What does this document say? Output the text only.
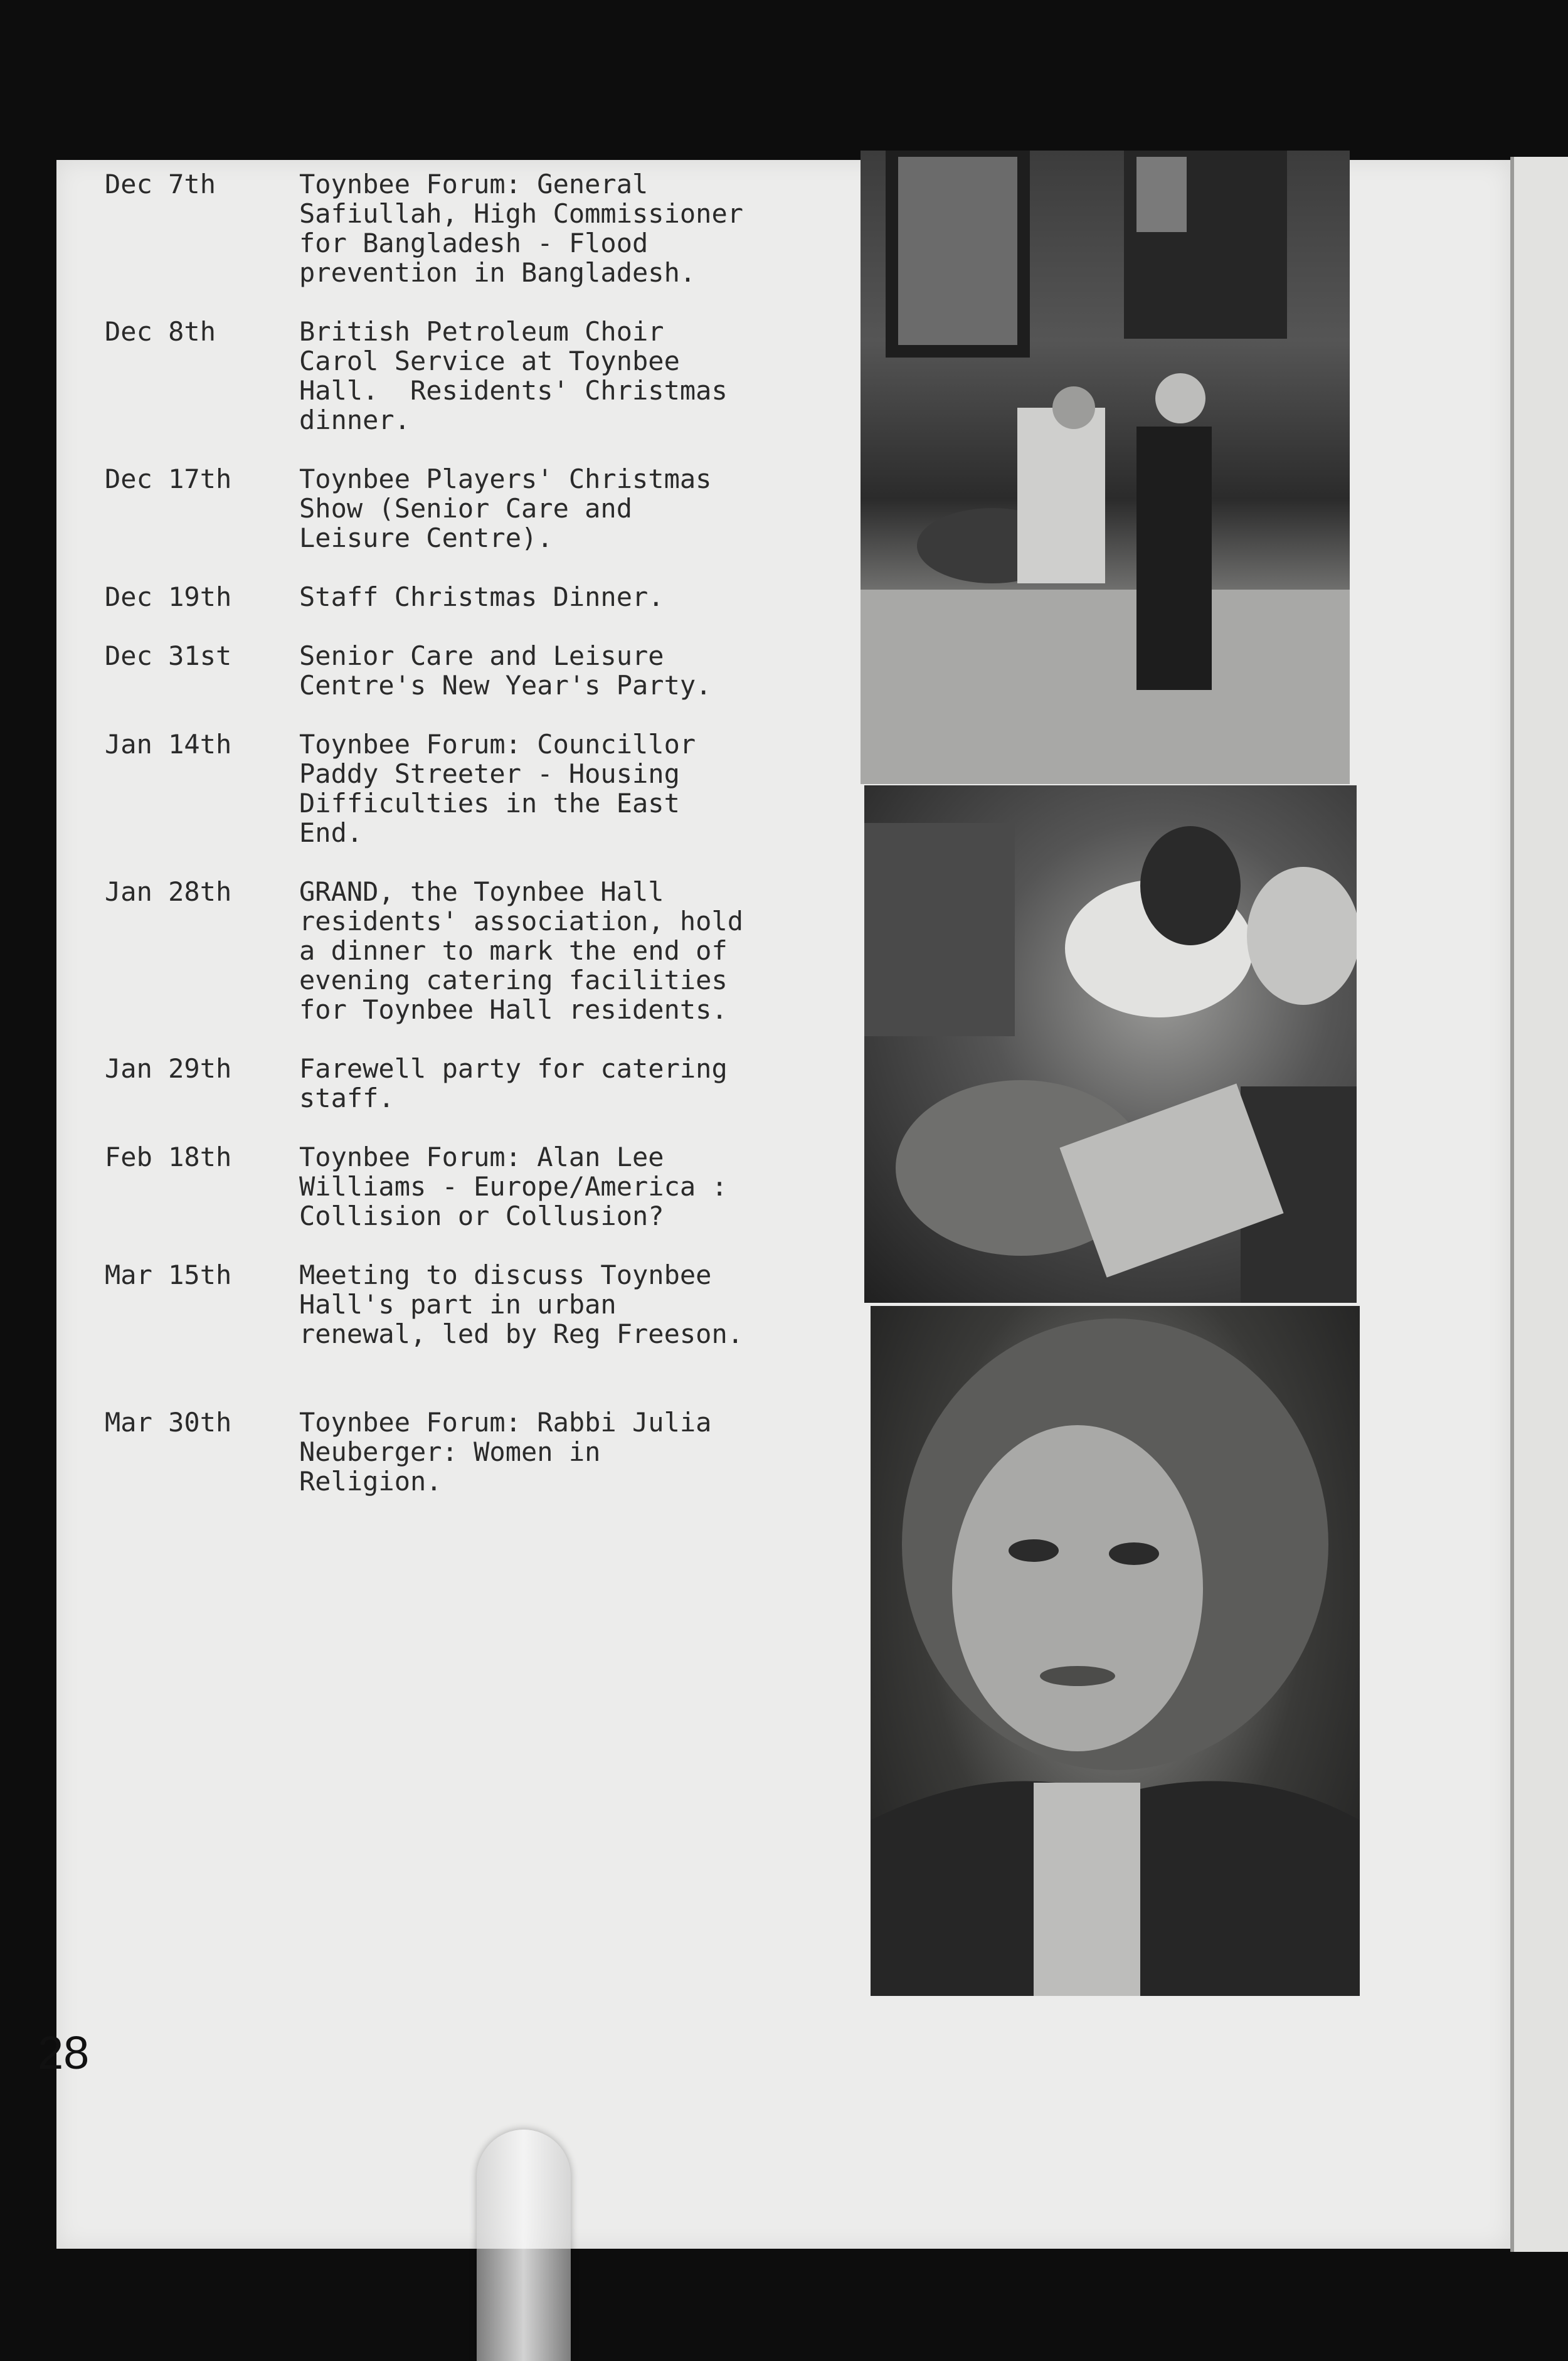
Dec 7th	Toynbee Forum: General
Safiullah, High Commissioner
for Bangladesh - Flood
prevention in Bangladesh.
Dec 8th	British Petroleum Choir
Carol Service at Toynbee
Hall.  Residents' Christmas
dinner.
Dec 17th	Toynbee Players' Christmas
Show (Senior Care and
Leisure Centre).
Dec 19th	Staff Christmas Dinner.
Dec 31st	Senior Care and Leisure
Centre's New Year's Party.
Jan 14th	Toynbee Forum: Councillor
Paddy Streeter - Housing
Difficulties in the East
End.
Jan 28th	GRAND, the Toynbee Hall
residents' association, hold
a dinner to mark the end of
evening catering facilities
for Toynbee Hall residents.
Jan 29th	Farewell party for catering
staff.
Feb 18th	Toynbee Forum: Alan Lee
Williams - Europe/America :
Collision or Collusion?
Mar 15th	Meeting to discuss Toynbee
Hall's part in urban
renewal, led by Reg Freeson.
Mar 30th	Toynbee Forum: Rabbi Julia
Neuberger: Women in
Religion.
28
